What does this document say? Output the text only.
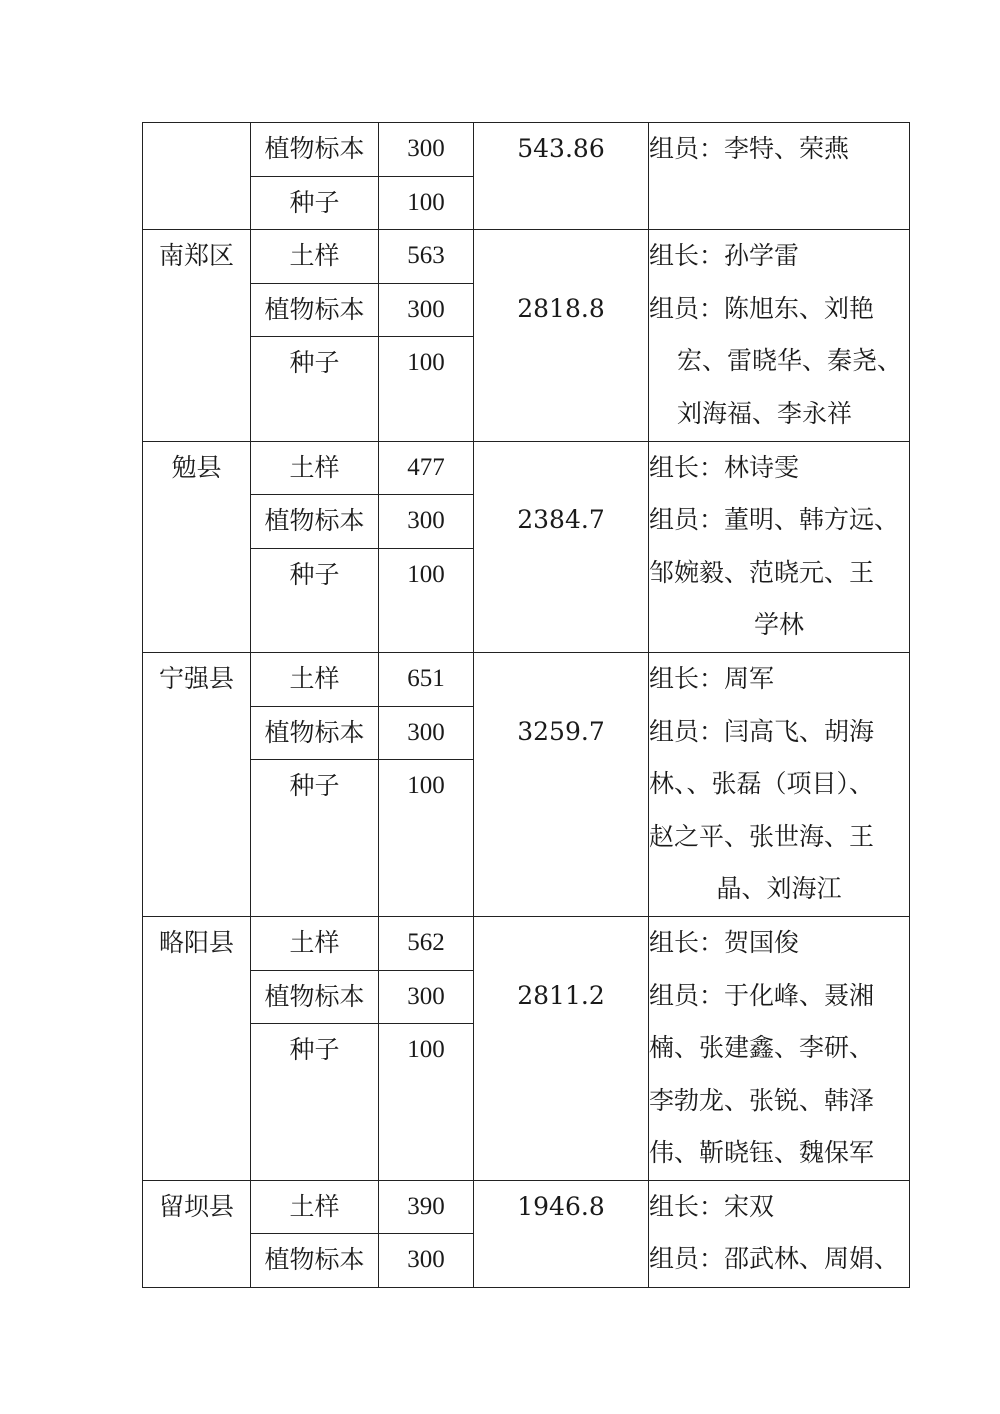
	植物标本	300	543.86	组员：李特、荣燕

	种子	100		
南郑区	土样	563	2818.8	组长：孙学雷
组员：陈旭东、刘艳
宏、雷晓华、秦尧、
刘海福、李永祥

	植物标本	300		
	种子	100		

勉县	土样	477	2384.7	组长：林诗雯
组员：董明、韩方远、
邹婉毅、范晓元、王
学林

	植物标本	300		
	种子	100		

宁强县	土样	651	3259.7	组长：周军
组员：闫高飞、胡海
林、、张磊（项目）、
赵之平、张世海、王
晶、刘海江

	植物标本	300		
	种子	100		

略阳县	土样	562	2811.2	组长：贺国俊
组员：于化峰、聂湘
楠、张建鑫、李研、
李勃龙、张锐、韩泽
伟、靳晓钰、魏保军

	植物标本	300		
	种子	100		

留坝县	土样	390	1946.8	组长：宋双
组员：邵武林、周娟、

	植物标本	300		
